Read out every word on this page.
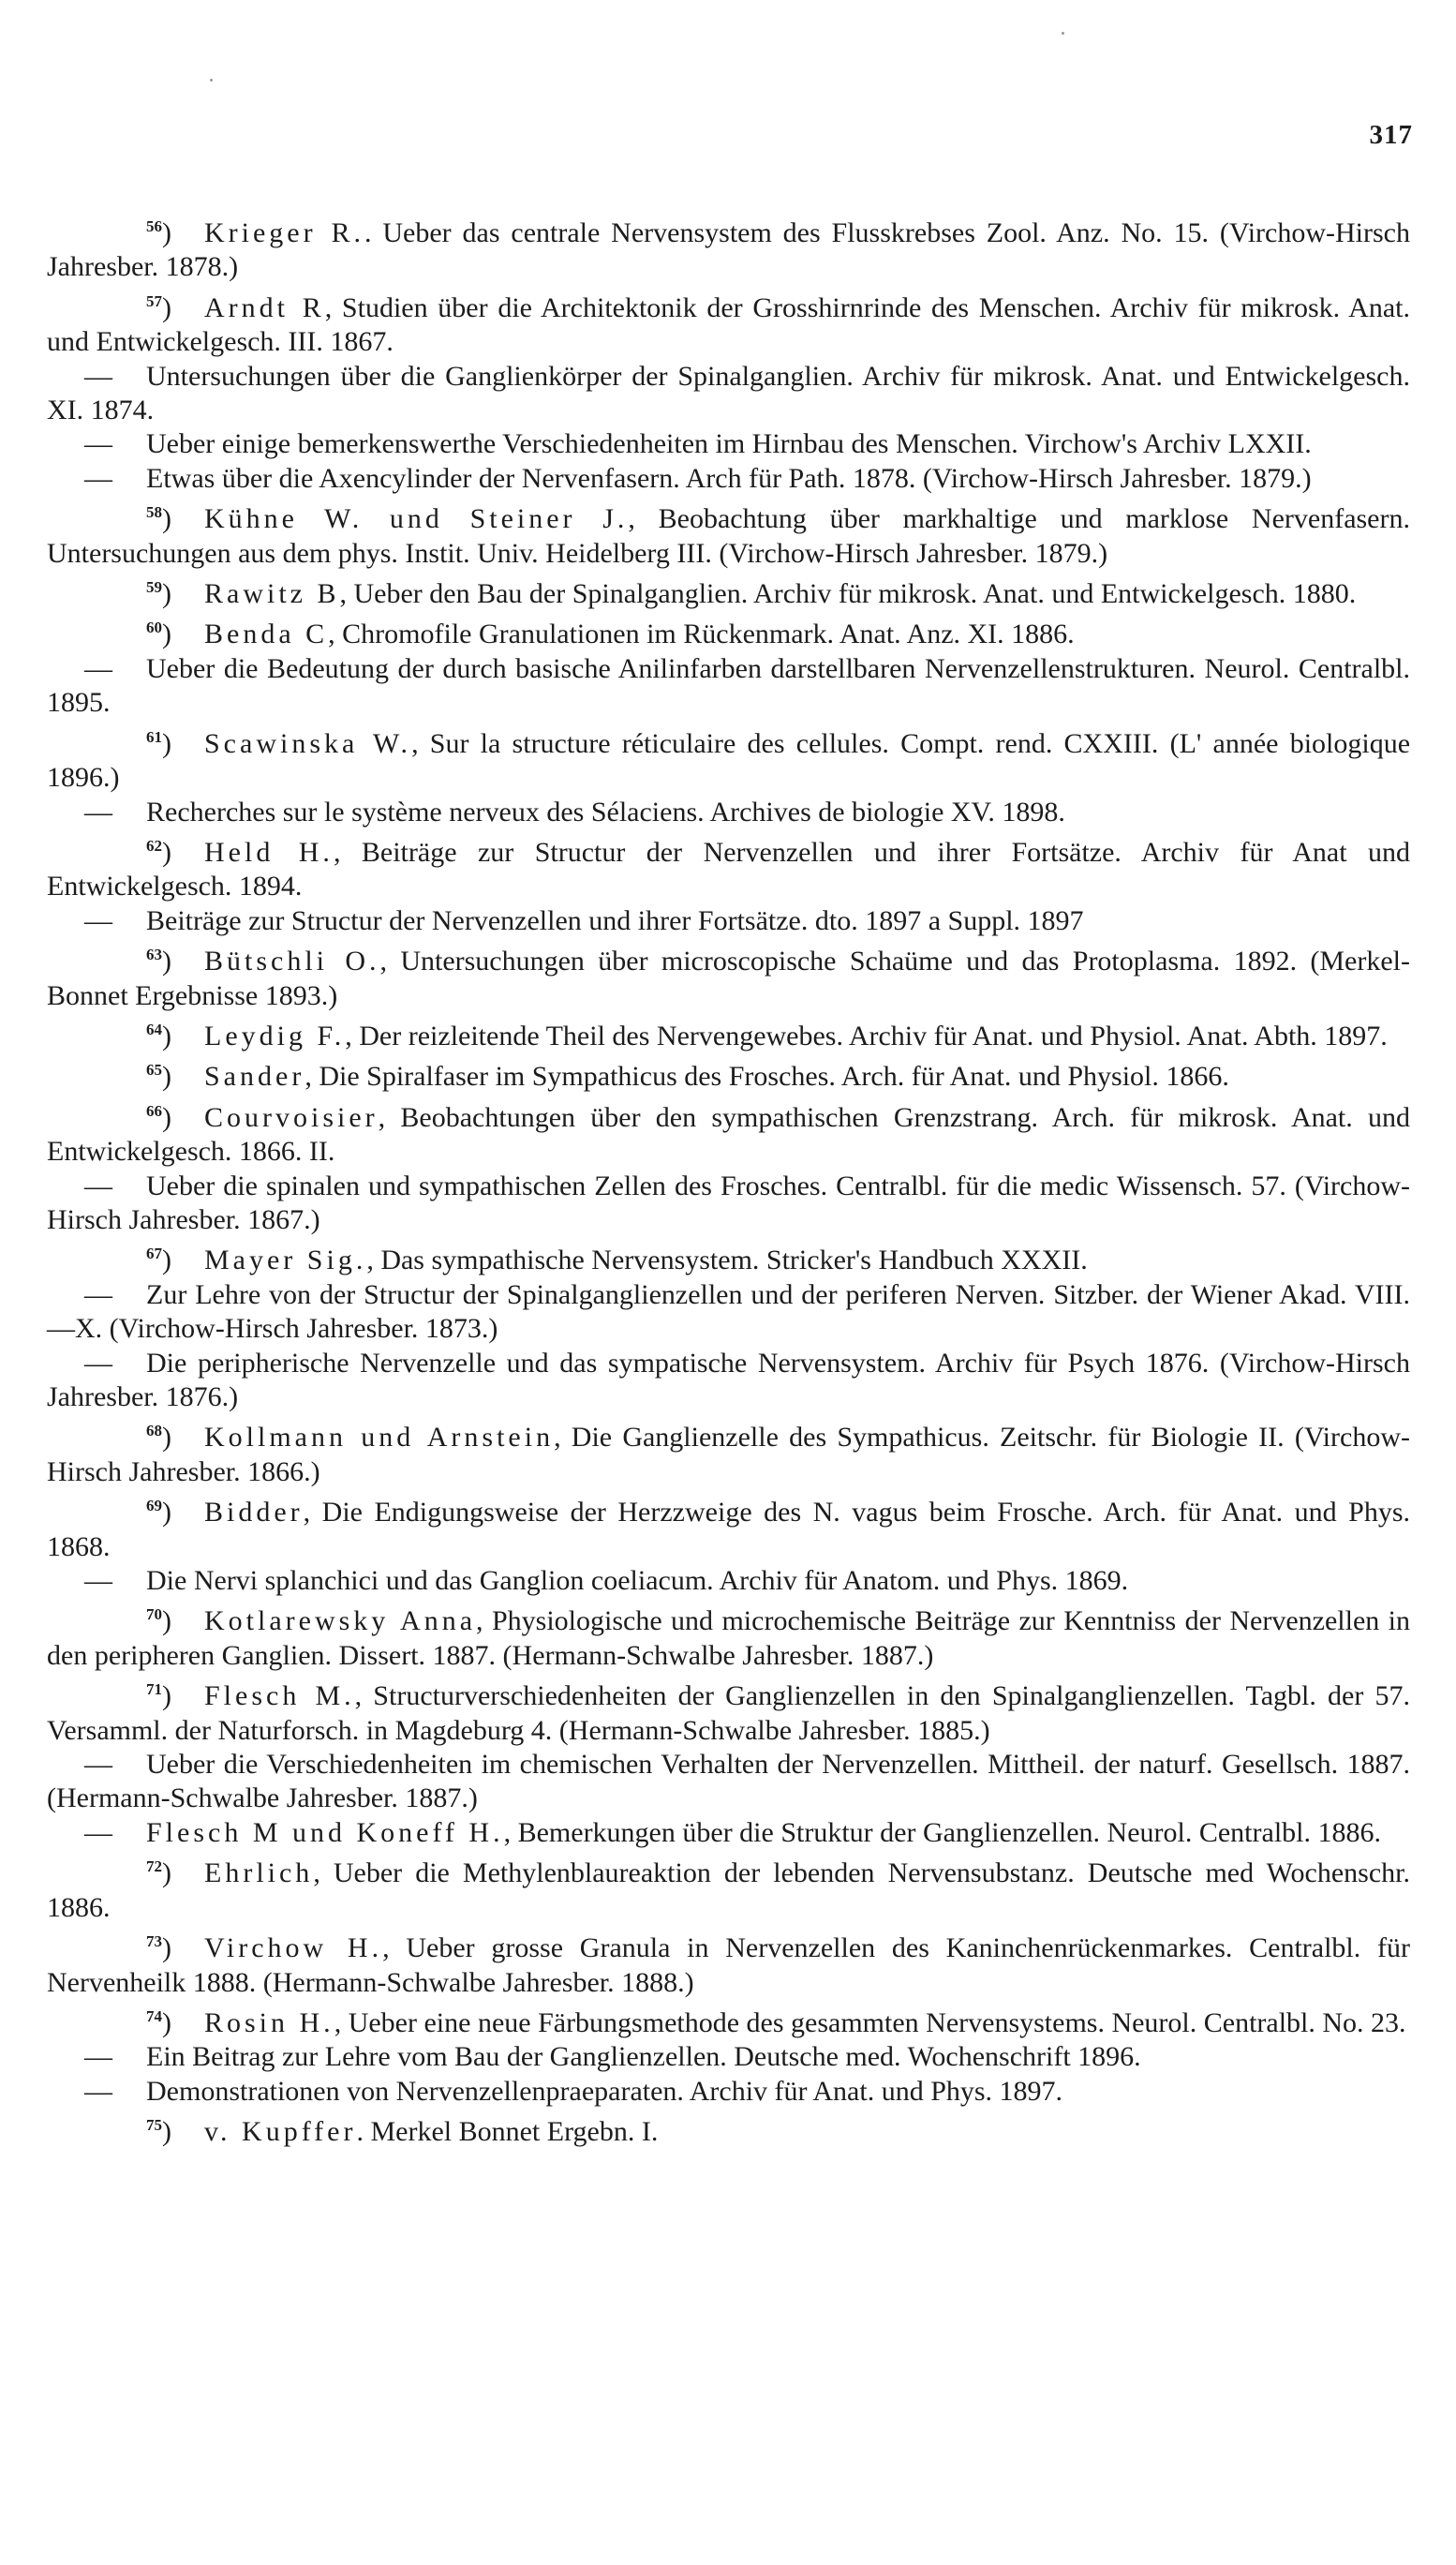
317

$^{56}$) Krieger R.. Ueber das centrale Nervensystem des Flusskrebses Zool. Anz. No. 15. (Virchow-Hirsch Jahresber. 1878.)

$^{57}$) Arndt R, Studien über die Architektonik der Grosshirnrinde des Menschen. Archiv für mikrosk. Anat. und Entwickelgesch. III. 1867.

— Untersuchungen über die Ganglienkörper der Spinalganglien. Archiv für mikrosk. Anat. und Entwickelgesch. XI. 1874.

— Ueber einige bemerkenswerthe Verschiedenheiten im Hirnbau des Menschen. Virchow's Archiv LXXII.

— Etwas über die Axencylinder der Nervenfasern. Arch für Path. 1878. (Virchow-Hirsch Jahresber. 1879.)

$^{58}$) Kühne W. und Steiner J., Beobachtung über markhaltige und marklose Nervenfasern. Untersuchungen aus dem phys. Instit. Univ. Heidelberg III. (Virchow-Hirsch Jahresber. 1879.)

$^{59}$) Rawitz B, Ueber den Bau der Spinalganglien. Archiv für mikrosk. Anat. und Entwickelgesch. 1880.

$^{60}$) Benda C, Chromofile Granulationen im Rückenmark. Anat. Anz. XI. 1886.

— Ueber die Bedeutung der durch basische Anilinfarben darstellbaren Nervenzellenstrukturen. Neurol. Centralbl. 1895.

$^{61}$) Scawinska W., Sur la structure réticulaire des cellules. Compt. rend. CXXIII. (L' année biologique 1896.)

— Recherches sur le système nerveux des Sélaciens. Archives de biologie XV. 1898.

$^{62}$) Held H., Beiträge zur Structur der Nervenzellen und ihrer Fortsätze. Archiv für Anat und Entwickelgesch. 1894.

— Beiträge zur Structur der Nervenzellen und ihrer Fortsätze. dto. 1897 a Suppl. 1897

$^{63}$) Bütschli O., Untersuchungen über microscopische Schaüme und das Protoplasma. 1892. (Merkel-Bonnet Ergebnisse 1893.)

$^{64}$) Leydig F., Der reizleitende Theil des Nervengewebes. Archiv für Anat. und Physiol. Anat. Abth. 1897.

$^{65}$) Sander, Die Spiralfaser im Sympathicus des Frosches. Arch. für Anat. und Physiol. 1866.

$^{66}$) Courvoisier, Beobachtungen über den sympathischen Grenzstrang. Arch. für mikrosk. Anat. und Entwickelgesch. 1866. II.

— Ueber die spinalen und sympathischen Zellen des Frosches. Centralbl. für die medic Wissensch. 57. (Virchow-Hirsch Jahresber. 1867.)

$^{67}$) Mayer Sig., Das sympathische Nervensystem. Stricker's Handbuch XXXII.

— Zur Lehre von der Structur der Spinalganglienzellen und der periferen Nerven. Sitzber. der Wiener Akad. VIII.—X. (Virchow-Hirsch Jahresber. 1873.)

— Die peripherische Nervenzelle und das sympatische Nervensystem. Archiv für Psych 1876. (Virchow-Hirsch Jahresber. 1876.)

$^{68}$) Kollmann und Arnstein, Die Ganglienzelle des Sympathicus. Zeitschr. für Biologie II. (Virchow-Hirsch Jahresber. 1866.)

$^{69}$) Bidder, Die Endigungsweise der Herzzweige des N. vagus beim Frosche. Arch. für Anat. und Phys. 1868.

— Die Nervi splanchici und das Ganglion coeliacum. Archiv für Anatom. und Phys. 1869.

$^{70}$) Kotlarewsky Anna, Physiologische und microchemische Beiträge zur Kenntniss der Nervenzellen in den peripheren Ganglien. Dissert. 1887. (Hermann-Schwalbe Jahresber. 1887.)

$^{71}$) Flesch M., Structurverschiedenheiten der Ganglienzellen in den Spinalganglienzellen. Tagbl. der 57. Versamml. der Naturforsch. in Magdeburg 4. (Hermann-Schwalbe Jahresber. 1885.)

— Ueber die Verschiedenheiten im chemischen Verhalten der Nervenzellen. Mittheil. der naturf. Gesellsch. 1887. (Hermann-Schwalbe Jahresber. 1887.)

— Flesch M und Koneff H., Bemerkungen über die Struktur der Ganglienzellen. Neurol. Centralbl. 1886.

$^{72}$) Ehrlich, Ueber die Methylenblaureaktion der lebenden Nervensubstanz. Deutsche med Wochenschr. 1886.

$^{73}$) Virchow H., Ueber grosse Granula in Nervenzellen des Kaninchenrückenmarkes. Centralbl. für Nervenheilk 1888. (Hermann-Schwalbe Jahresber. 1888.)

$^{74}$) Rosin H., Ueber eine neue Färbungsmethode des gesammten Nervensystems. Neurol. Centralbl. No. 23.

— Ein Beitrag zur Lehre vom Bau der Ganglienzellen. Deutsche med. Wochenschrift 1896.

— Demonstrationen von Nervenzellenpraeparaten. Archiv für Anat. und Phys. 1897.

$^{75}$) v. Kupffer. Merkel Bonnet Ergebn. I.
